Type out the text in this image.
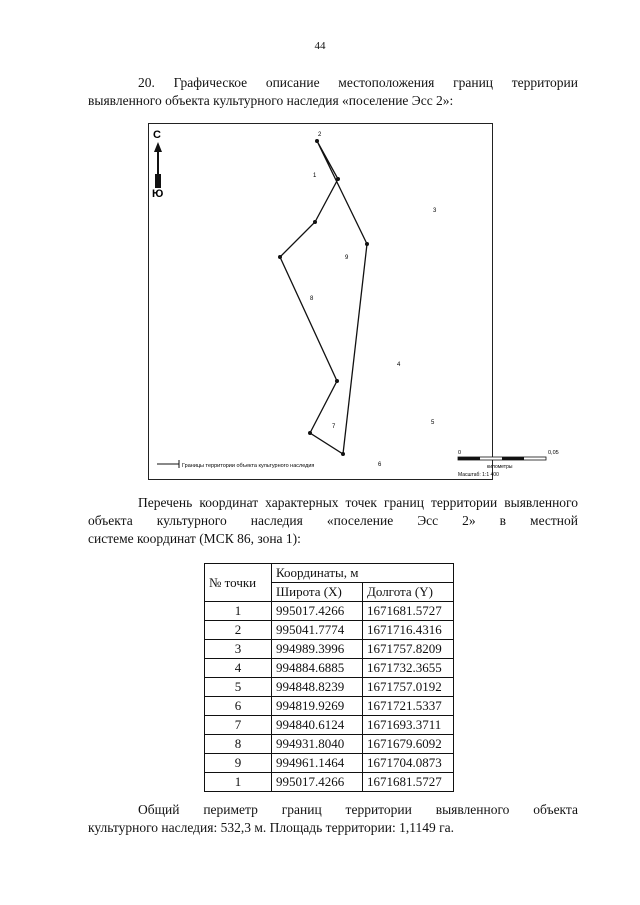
44
20. Графическое описание местоположения границ территории
выявленного объекта культурного наследия «поселение Эсс 2»:
С
Ю
2
3
4
5
6
7
8
9
1
Границы территории объекта культурного наследия
0	0,05
километры
Масштаб: 1:1 400
Перечень координат характерных точек границ территории выявленного объекта культурного наследия «поселение Эсс 2» в местной
системе координат (МСК 86, зона 1):
№ точки	Координаты, м	
	Широта (X)	Долгота (Y)
1	995017.4266	1671681.5727
2	995041.7774	1671716.4316
3	994989.3996	1671757.8209
4	994884.6885	1671732.3655
5	994848.8239	1671757.0192
6	994819.9269	1671721.5337
7	994840.6124	1671693.3711
8	994931.8040	1671679.6092
9	994961.1464	1671704.0873
1	995017.4266	1671681.5727
Общий периметр границ территории выявленного объекта
культурного наследия: 532,3 м. Площадь территории: 1,1149 га.
